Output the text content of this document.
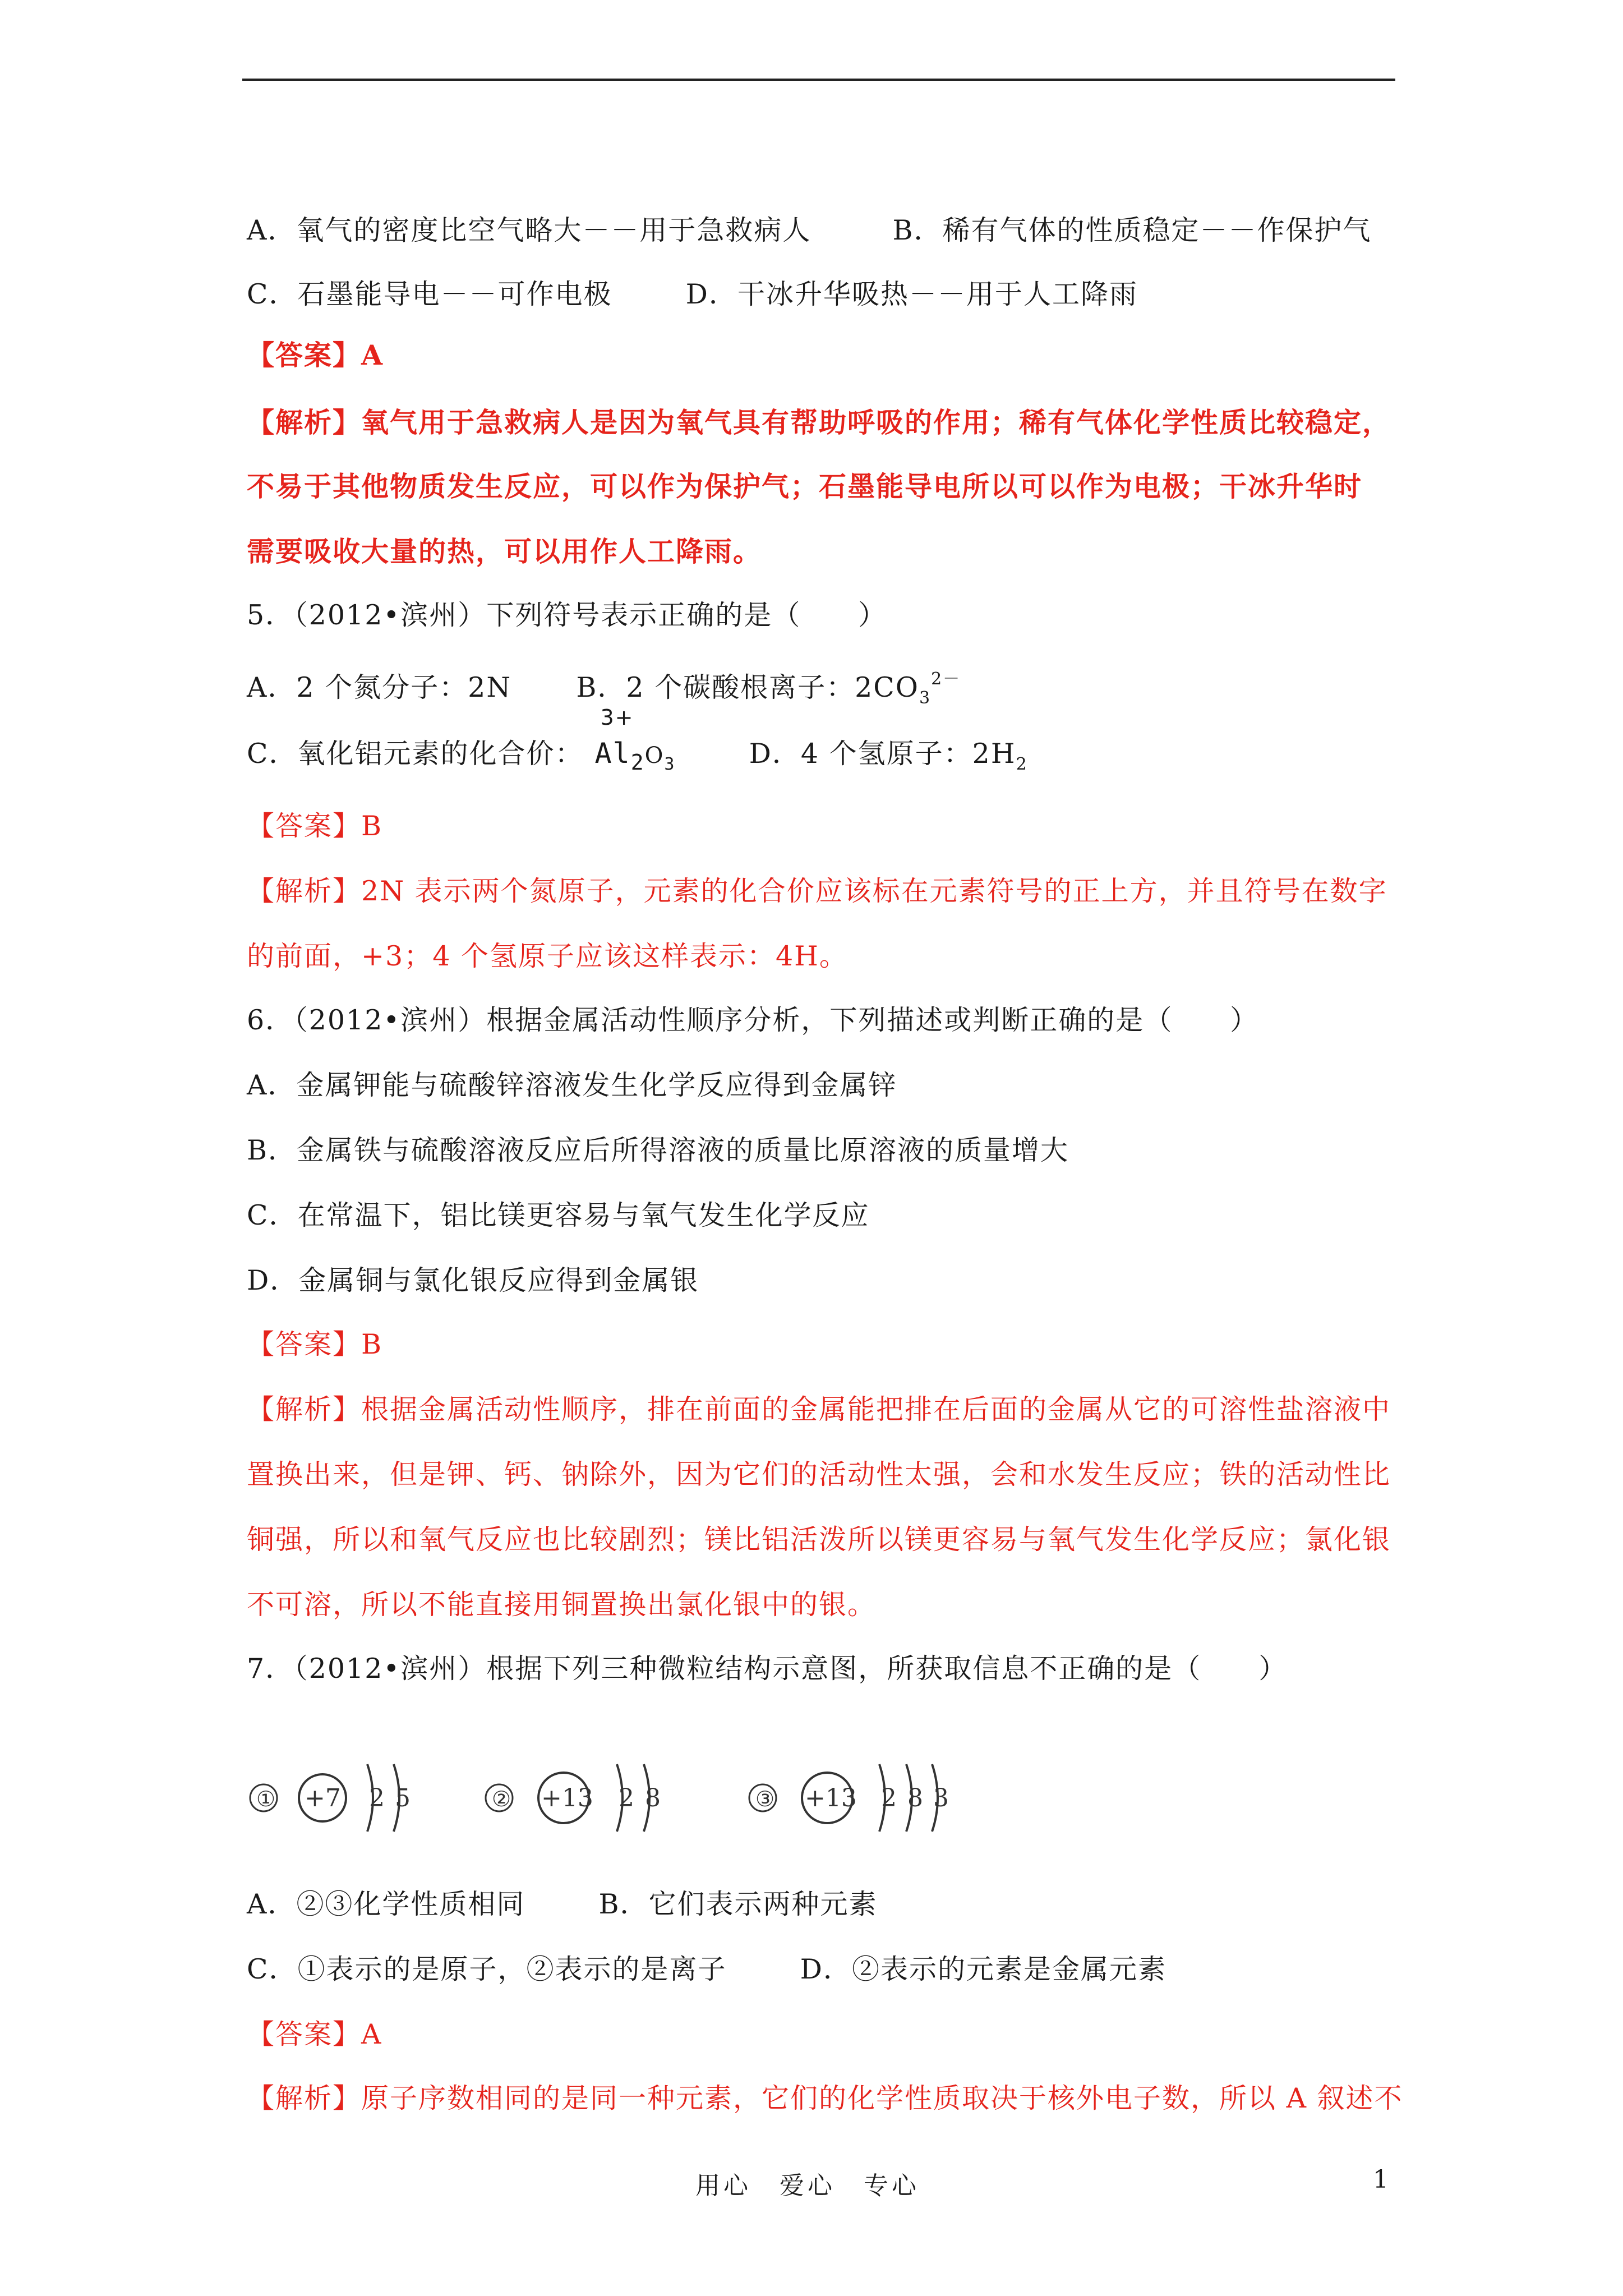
A．氧气的密度比空气略大－－用于急救病人	B．稀有气体的性质稳定－－作保护气
C．石墨能导电－－可作电极	D．干冰升华吸热－－用于人工降雨
【答案】A
【解析】氧气用于急救病人是因为氧气具有帮助呼吸的作用；稀有气体化学性质比较稳定，
不易于其他物质发生反应，可以作为保护气；石墨能导电所以可以作为电极；干冰升华时
需要吸收大量的热，可以用作人工降雨。
5．（2012•滨州）下列符号表示正确的是（　　）
A．2 个氮分子：2N B．2 个碳酸根离子：$2CO_3^{2-}$
C．氧化铝元素的化合价：
3+
$Al_2O_3$	D．4 个氢原子：$2H_2$
【答案】B
【解析】2N 表示两个氮原子，元素的化合价应该标在元素符号的正上方，并且符号在数字
的前面，+3；4 个氢原子应该这样表示：4H。
6．（2012•滨州）根据金属活动性顺序分析，下列描述或判断正确的是（　　）
A．金属钾能与硫酸锌溶液发生化学反应得到金属锌
B．金属铁与硫酸溶液反应后所得溶液的质量比原溶液的质量增大
C．在常温下，铝比镁更容易与氧气发生化学反应
D．金属铜与氯化银反应得到金属银
【答案】B
【解析】根据金属活动性顺序，排在前面的金属能把排在后面的金属从它的可溶性盐溶液中
置换出来，但是钾、钙、钠除外，因为它们的活动性太强，会和水发生反应；铁的活动性比
铜强，所以和氧气反应也比较剧烈；镁比铝活泼所以镁更容易与氧气发生化学反应；氯化银
不可溶，所以不能直接用铜置换出氯化银中的银。
7．（2012•滨州）根据下列三种微粒结构示意图，所获取信息不正确的是（　　）
① +7 2 5	② +13 2 8	③ +13 2 8 3
A．②③化学性质相同	B．它们表示两种元素
C．①表示的是原子，②表示的是离子	D．②表示的元素是金属元素
【答案】A
【解析】原子序数相同的是同一种元素，它们的化学性质取决于核外电子数，所以 A 叙述不
用心　爱心　专心	1
